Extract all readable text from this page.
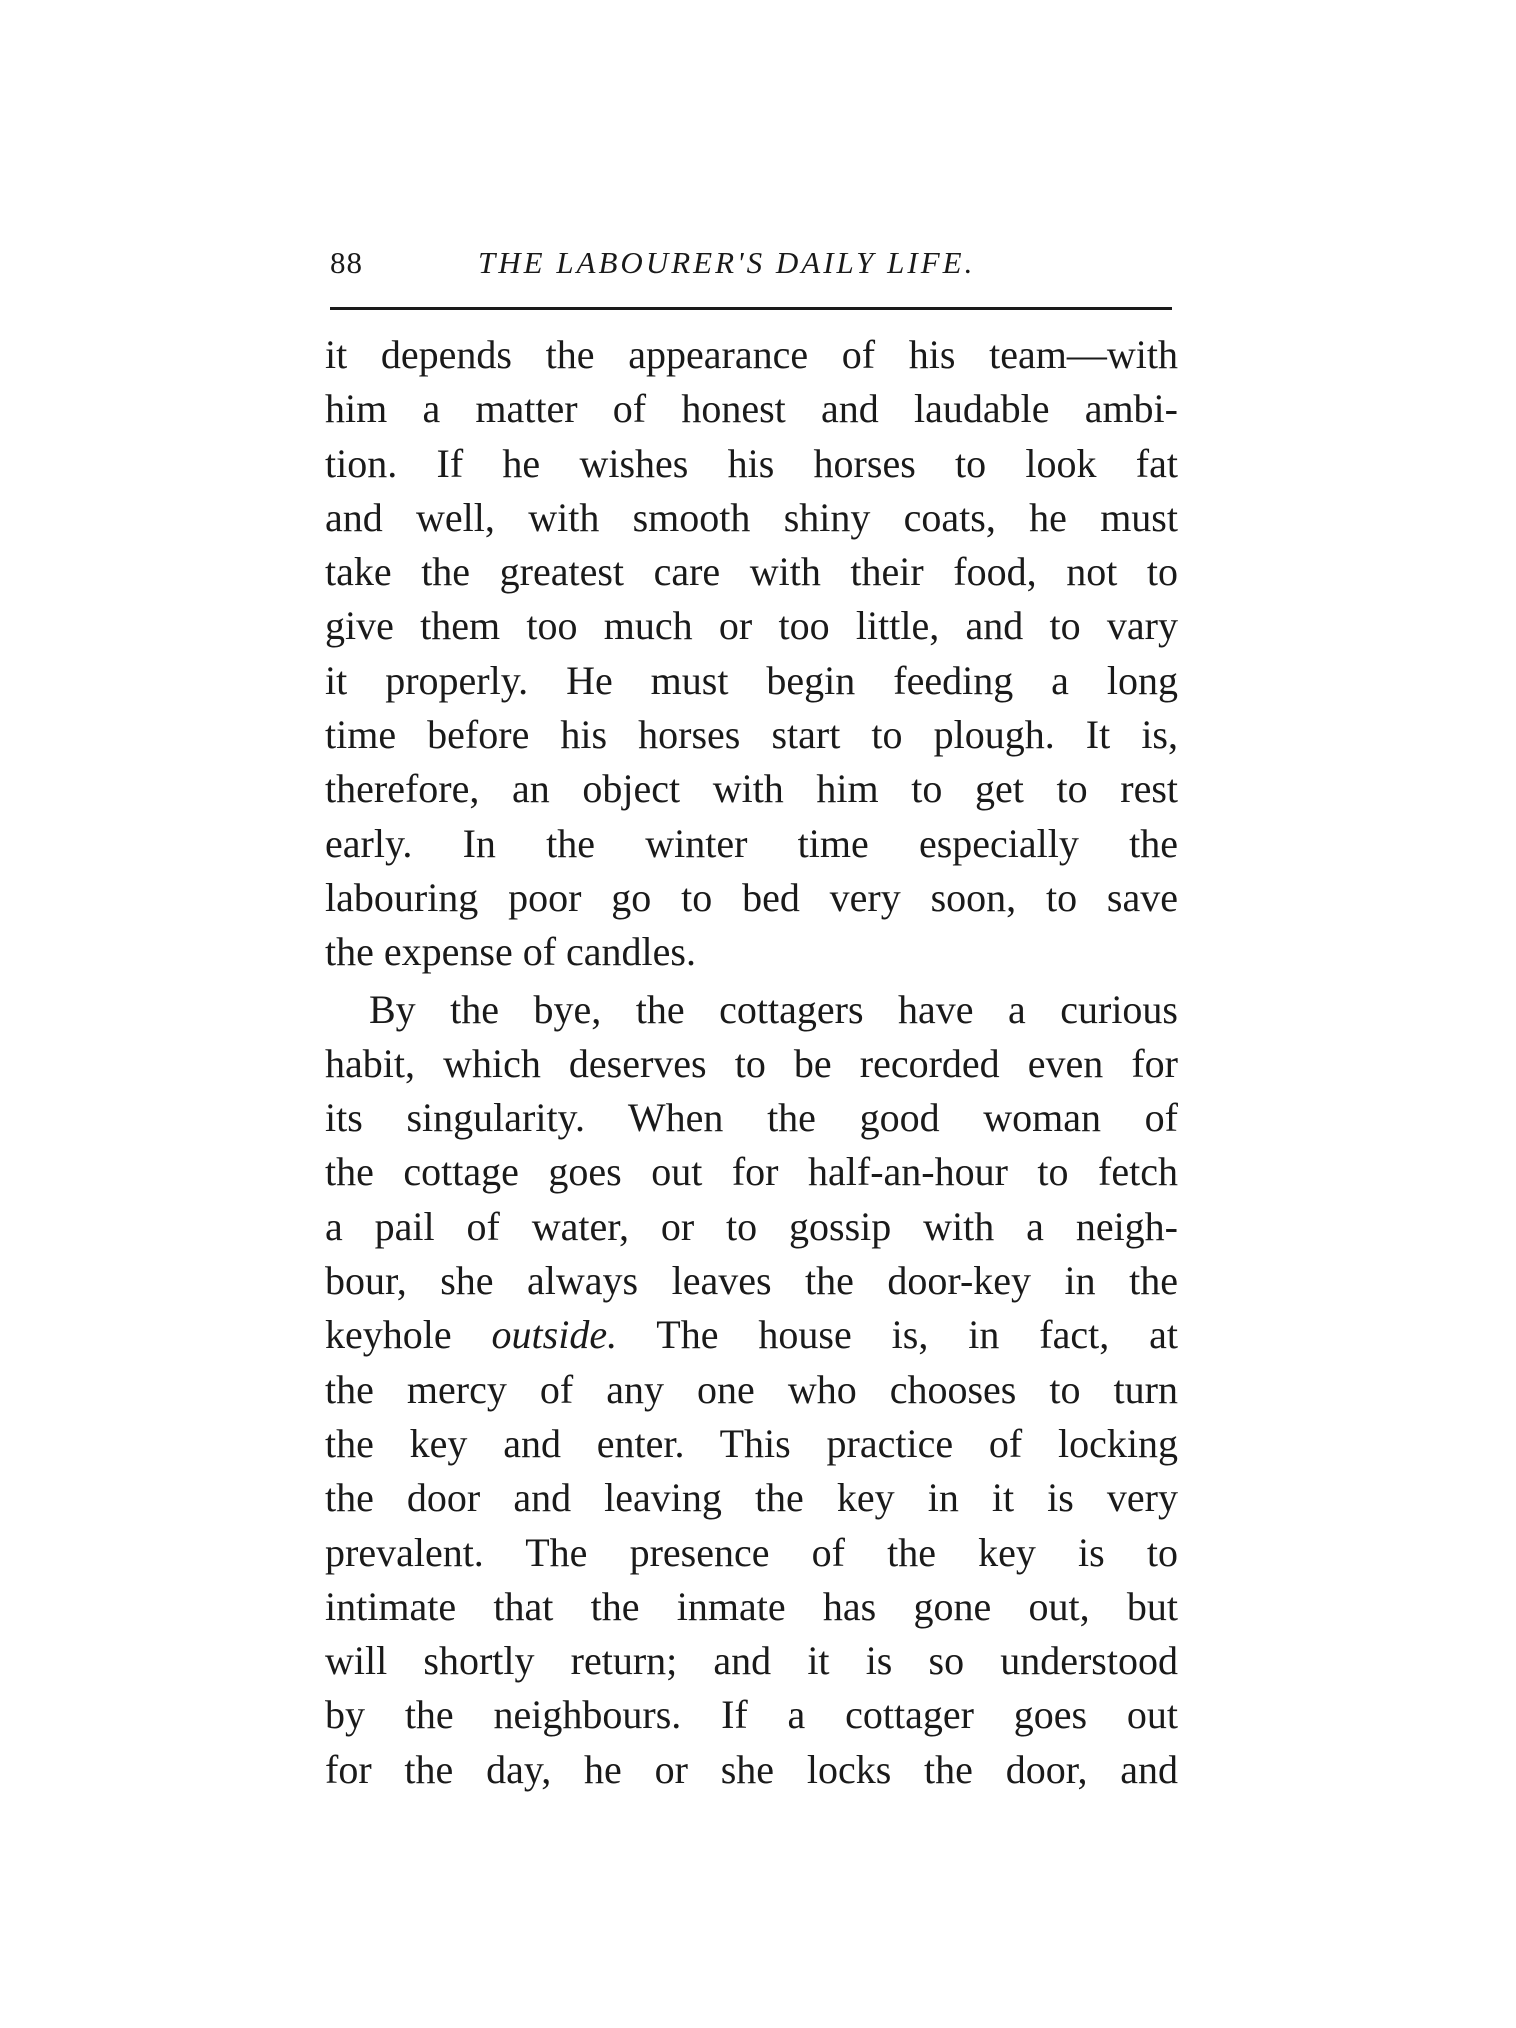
88	THE LABOURER'S DAILY LIFE.
it depends the appearance of his team—with
him a matter of honest and laudable ambi-
tion. If he wishes his horses to look fat
and well, with smooth shiny coats, he must
take the greatest care with their food, not to
give them too much or too little, and to vary
it properly. He must begin feeding a long
time before his horses start to plough. It is,
therefore, an object with him to get to rest
early. In the winter time especially the
labouring poor go to bed very soon, to save
the expense of candles.
By the bye, the cottagers have a curious
habit, which deserves to be recorded even for
its singularity. When the good woman of
the cottage goes out for half-an-hour to fetch
a pail of water, or to gossip with a neigh-
bour, she always leaves the door-key in the
keyhole outside. The house is, in fact, at
the mercy of any one who chooses to turn
the key and enter. This practice of locking
the door and leaving the key in it is very
prevalent. The presence of the key is to
intimate that the inmate has gone out, but
will shortly return; and it is so understood
by the neighbours. If a cottager goes out
for the day, he or she locks the door, and
